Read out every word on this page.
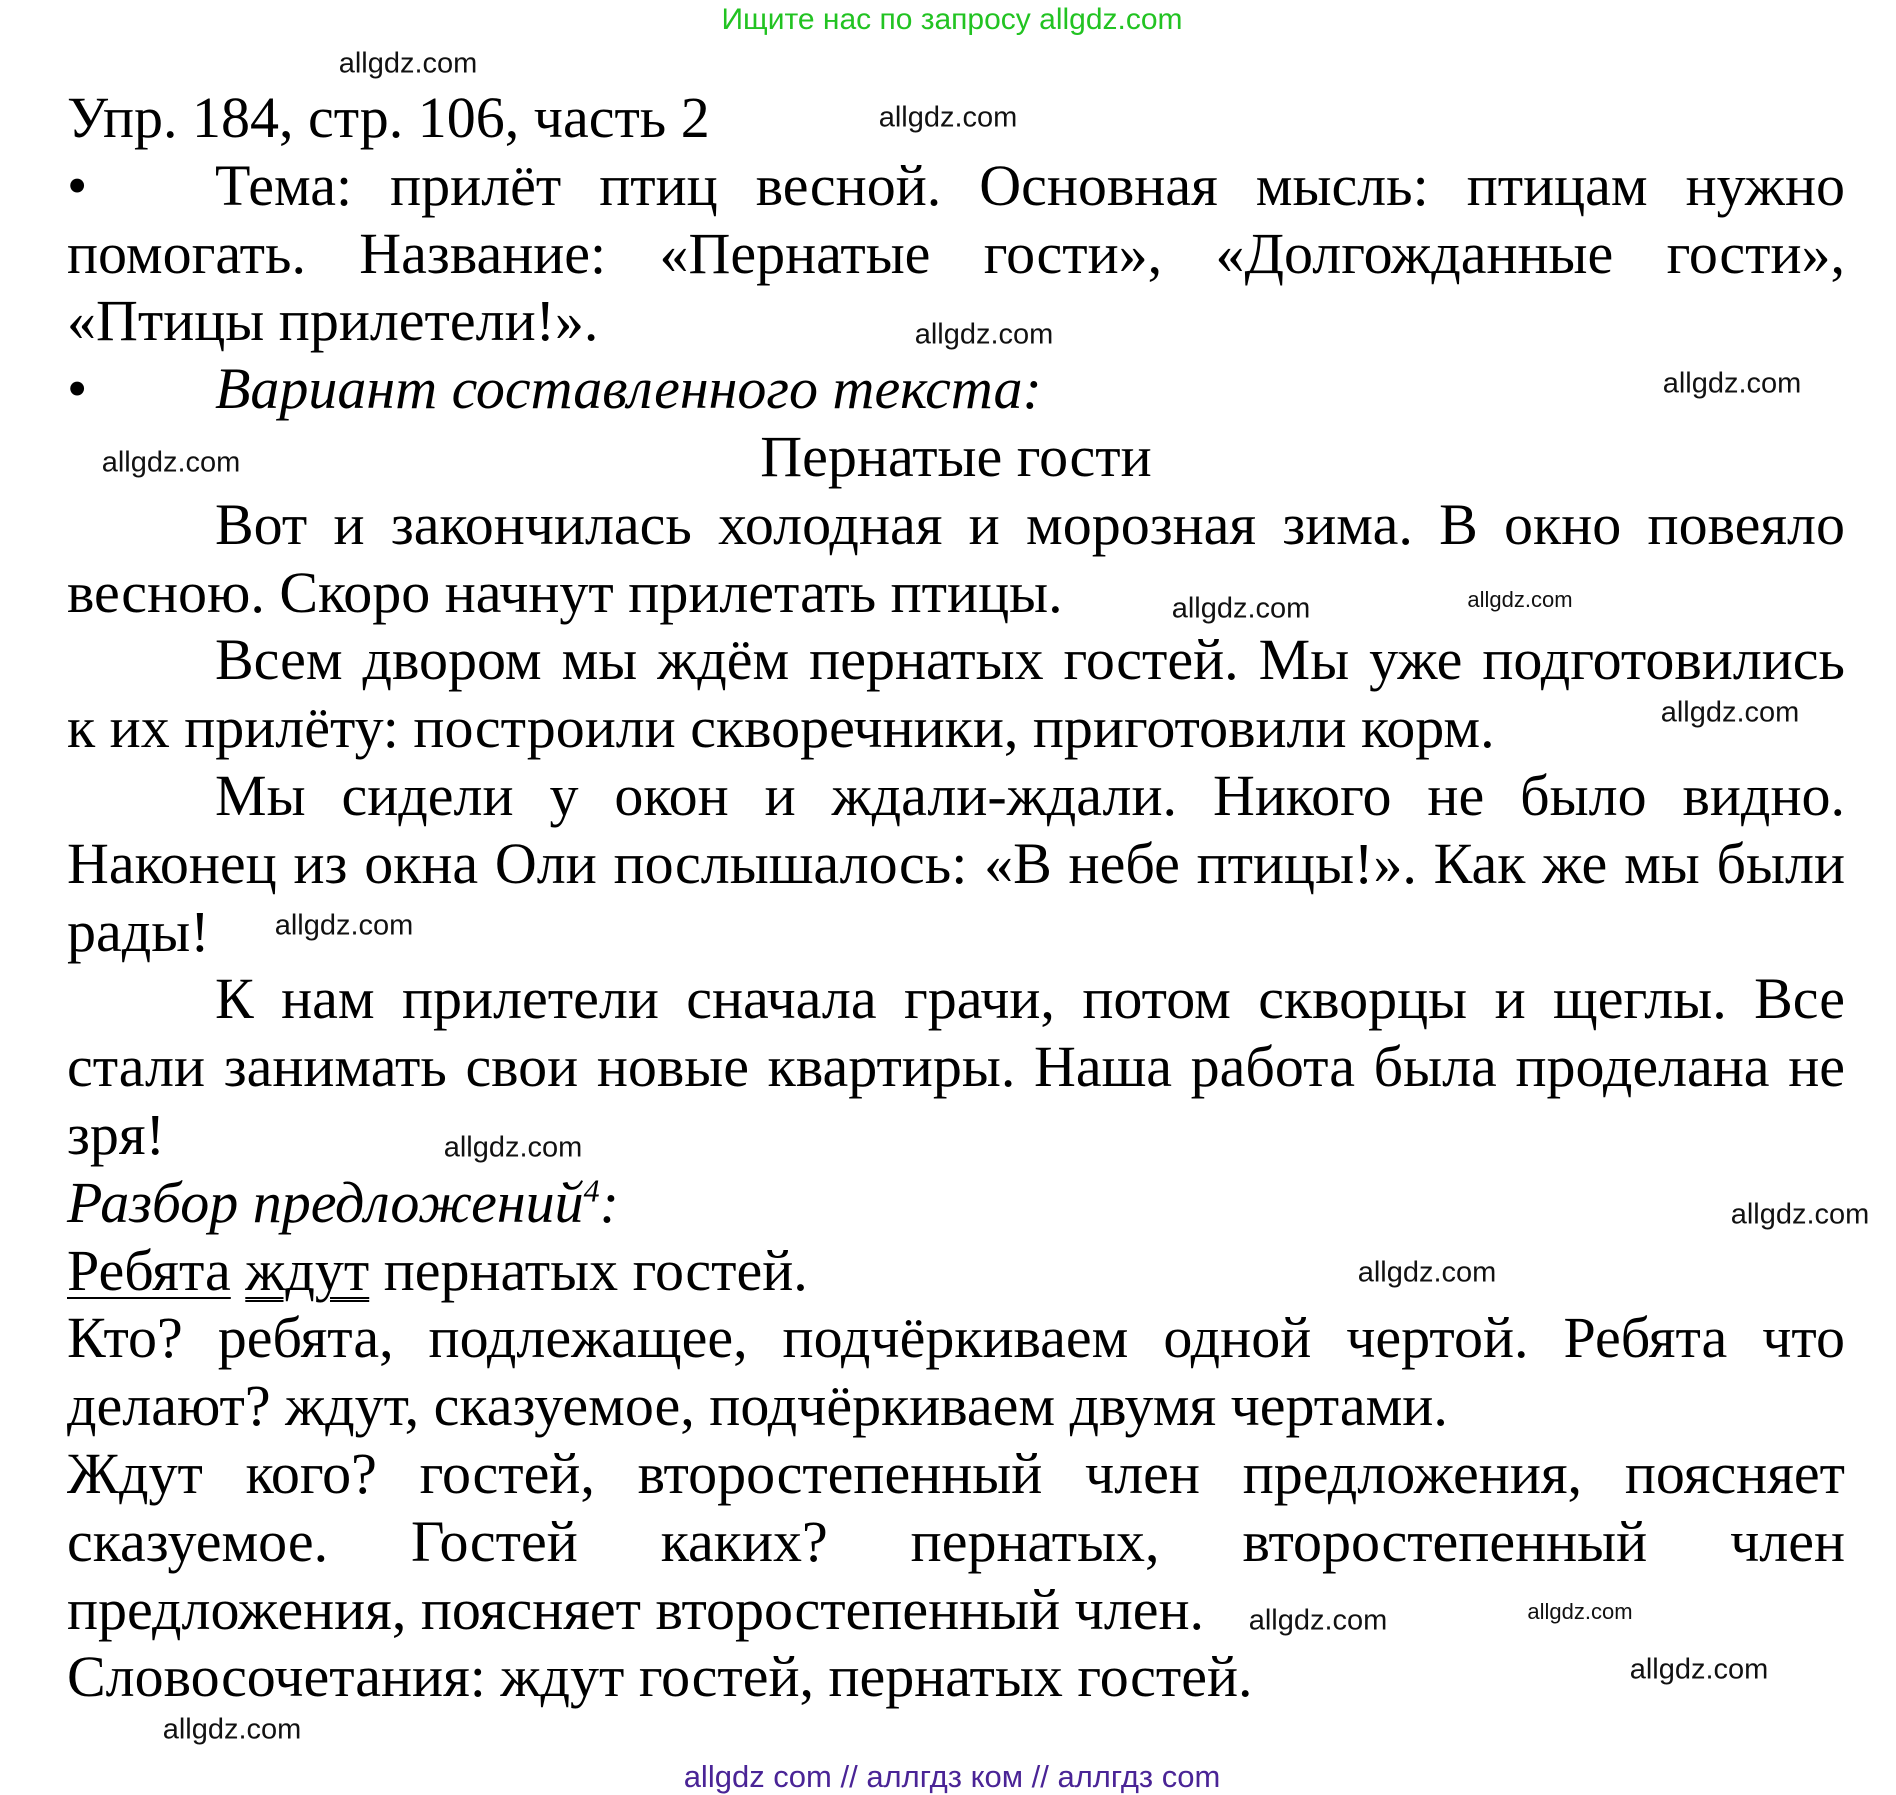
Ищите нас по запросу allgdz.com
Упр. 184, стр. 106, часть 2
• Тема: прилёт птиц весной. Основная мысль: птицам нужно
помогать. Название: «Пернатые гости», «Долгожданные гости»,
«Птицы прилетели!».
• Вариант составленного текста:
Пернатые гости
Вот и закончилась холодная и морозная зима. В окно повеяло
весною. Скоро начнут прилетать птицы.
Всем двором мы ждём пернатых гостей. Мы уже подготовились
к их прилёту: построили скворечники, приготовили корм.
Мы сидели у окон и ждали-ждали. Никого не было видно.
Наконец из окна Оли послышалось: «В небе птицы!». Как же мы были
рады!
К нам прилетели сначала грачи, потом скворцы и щеглы. Все
стали занимать свои новые квартиры. Наша работа была проделана не
зря!
Разбор предложений$^4$:
Ребята ждут пернатых гостей.
Кто? ребята, подлежащее, подчёркиваем одной чертой. Ребята что
делают? ждут, сказуемое, подчёркиваем двумя чертами.
Ждут кого? гостей, второстепенный член предложения, поясняет
сказуемое. Гостей каких? пернатых, второстепенный член
предложения, поясняет второстепенный член.
Словосочетания: ждут гостей, пернатых гостей.
allgdz.com
allgdz.com
allgdz.com
allgdz.com
allgdz.com
allgdz.com
allgdz.com
allgdz.com
allgdz.com
allgdz.com
allgdz.com
allgdz.com
allgdz.com
allgdz.com
allgdz.com
allgdz.com
allgdz com // аллгдз ком // аллгдз com
